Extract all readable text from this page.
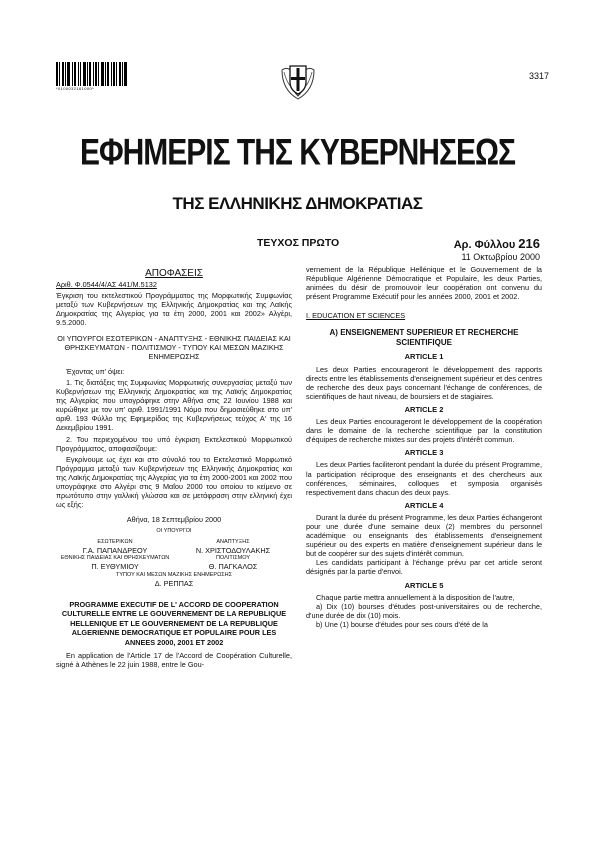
*0100032161000*
3317
ΕΦΗΜΕΡΙΣ ΤΗΣ ΚΥΒΕΡΝΗΣΕΩΣ
ΤΗΣ ΕΛΛΗΝΙΚΗΣ ΔΗΜΟΚΡΑΤΙΑΣ
ΤΕΥΧΟΣ ΠΡΩΤΟ	Αρ. Φύλλου 216
11 Οκτωβρίου 2000
ΑΠΟΦΑΣΕΙΣ
Αριθ. Φ.0544/4/ΑΣ 441/Μ.5132
Έγκριση του εκτελεστικού Προγράμματος της Μορφωτικής Συμφωνίας μεταξύ των Κυβερνήσεων της Ελληνικής Δημοκρατίας και της Λαϊκής Δημοκρατίας της Αλγερίας για τα έτη 2000, 2001 και 2002» Αλγέρι, 9.5.2000.
ΟΙ ΥΠΟΥΡΓΟΙ ΕΣΩΤΕΡΙΚΩΝ - ΑΝΑΠΤΥΞΗΣ - ΕΘΝΙΚΗΣ ΠΑΙΔΕΙΑΣ ΚΑΙ ΘΡΗΣΚΕΥΜΑΤΩΝ - ΠΟΛΙΤΙΣΜΟΥ - ΤΥΠΟΥ ΚΑΙ ΜΕΣΩΝ ΜΑΖΙΚΗΣ ΕΝΗΜΕΡΩΣΗΣ
Έχοντας υπ' όψει:
1. Τις διατάξεις της Συμφωνίας Μορφωτικής συνεργασίας μεταξύ των Κυβερνήσεων της Ελληνικής Δημοκρατίας και της Λαϊκής Δημοκρατίας της Αλγερίας που υπογράφηκε στην Αθήνα στις 22 Ιουνίου 1988 και κυρώθηκε με τον υπ' αριθ. 1991/1991 Νόμο που δημοσιεύθηκε στο υπ' αριθ. 193 Φύλλο της Εφημερίδας της Κυβερνήσεως τεύχος Α' της 16 Δεκεμβρίου 1991.
2. Του περιεχομένου του υπό έγκριση Εκτελεστικού Μορφωτικού Προγράμματος, αποφασίζουμε:
Εγκρίνουμε ως έχει και στο σύνολό του το Εκτελεστικό Μορφωτικό Πρόγραμμα μεταξύ των Κυβερνήσεων της Ελληνικής Δημοκρατίας και της Λαϊκής Δημοκρατίας της Αλγερίας για τα έτη 2000-2001 και 2002 που υπογράφηκε στο Αλγέρι στις 9 Μαΐου 2000 του οποίου το κείμενο σε πρωτότυπο στην γαλλική γλώσσα και σε μετάφραση στην ελληνική έχει ως εξής:
Αθήνα, 18 Σεπτεμβρίου 2000
ΟΙ ΥΠΟΥΡΓΟΙ
ΕΣΩΤΕΡΙΚΩΝ	ΑΝΑΠΤΥΞΗΣ
Γ.Α. ΠΑΠΑΝΔΡΕΟΥ	Ν. ΧΡΙΣΤΟΔΟΥΛΑΚΗΣ
ΕΘΝΙΚΗΣ ΠΑΙΔΕΙΑΣ ΚΑΙ ΘΡΗΣΚΕΥΜΑΤΩΝ	ΠΟΛΙΤΙΣΜΟΥ
Π. ΕΥΘΥΜΙΟΥ	Θ. ΠΑΓΚΑΛΟΣ
ΤΥΠΟΥ ΚΑΙ ΜΕΣΩΝ ΜΑΖΙΚΗΣ ΕΝΗΜΕΡΩΣΗΣ
Δ. ΡΕΠΠΑΣ
PROGRAMME EXECUTIF DE L' ACCORD DE COOPERATION CULTURELLE ENTRE LE GOUVERNEMENT DE LA REPUBLIQUE HELLENIQUE ET LE GOUVERNEMENT DE LA REPUBLIQUE ALGERIENNE DEMOCRATIQUE ET POPULAIRE POUR LES ANNEES 2000, 2001 ET 2002
En application de l'Article 17 de l'Accord de Coopération Culturelle, signé à Athènes le 22 juin 1988, entre le Gou-
vernement de la République Hellénique et le Gouvernement de la République Algérienne Démocratique et Populaire, les deux Parties, animées du désir de promouvoir leur coopération ont convenu du présent Programme Exécutif pour les années 2000, 2001 et 2002.
I. EDUCATION ET SCIENCES
A) ENSEIGNEMENT SUPERIEUR ET RECHERCHE SCIENTIFIQUE
ARTICLE 1
Les deux Parties encourageront le développement des rapports directs entre les établissements d'enseignement supérieur et des centres de recherche des deux pays concernant l'échange de conférences, de scientifiques de haut niveau, de boursiers et de stagiaires.
ARTICLE 2
Les deux Parties encourageront le développement de la coopération dans le domaine de la recherche scientifique par la constitution d'équipes de recherche mixtes sur des projets d'intérêt commun.
ARTICLE 3
Les deux Parties faciliteront pendant la durée du présent Programme, la participation réciproque des enseignants et des chercheurs aux conférences, séminaires, colloques et symposia organisés respectivement dans chacun des deux pays.
ARTICLE 4
Durant la durée du présent Programme, les deux Parties échangeront pour une durée d'une semaine deux (2) membres du personnel académique ou enseignants des établissements d'enseignement supérieur ou des experts en matière d'enseignement supérieur dans le but de coopérer sur des sujets d'intérêt commun.
Les candidats participant à l'échange prévu par cet article seront désignés par la partie d'envoi.
ARTICLE 5
Chaque partie mettra annuellement à la disposition de l'autre,
a) Dix (10) bourses d'études post-universitaires ou de recherche, d'une durée de dix (10) mois.
b) Une (1) bourse d'études pour ses cours d'été de la
